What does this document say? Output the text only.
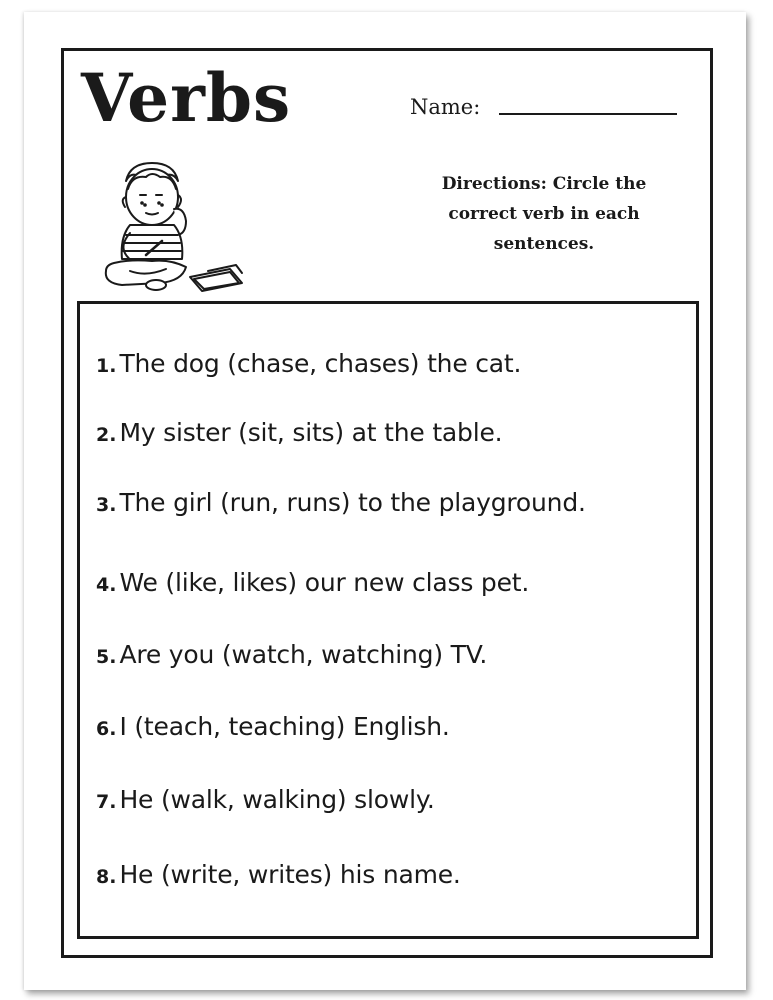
Verbs	Name:
Directions: Circle the correct verb in each sentences.
1. The dog (chase, chases) the cat.
2. My sister (sit, sits) at the table.
3. The girl (run, runs) to the playground.
4. We (like, likes) our new class pet.
5. Are you (watch, watching) TV.
6. I (teach, teaching) English.
7. He (walk, walking) slowly.
8. He (write, writes) his name.
